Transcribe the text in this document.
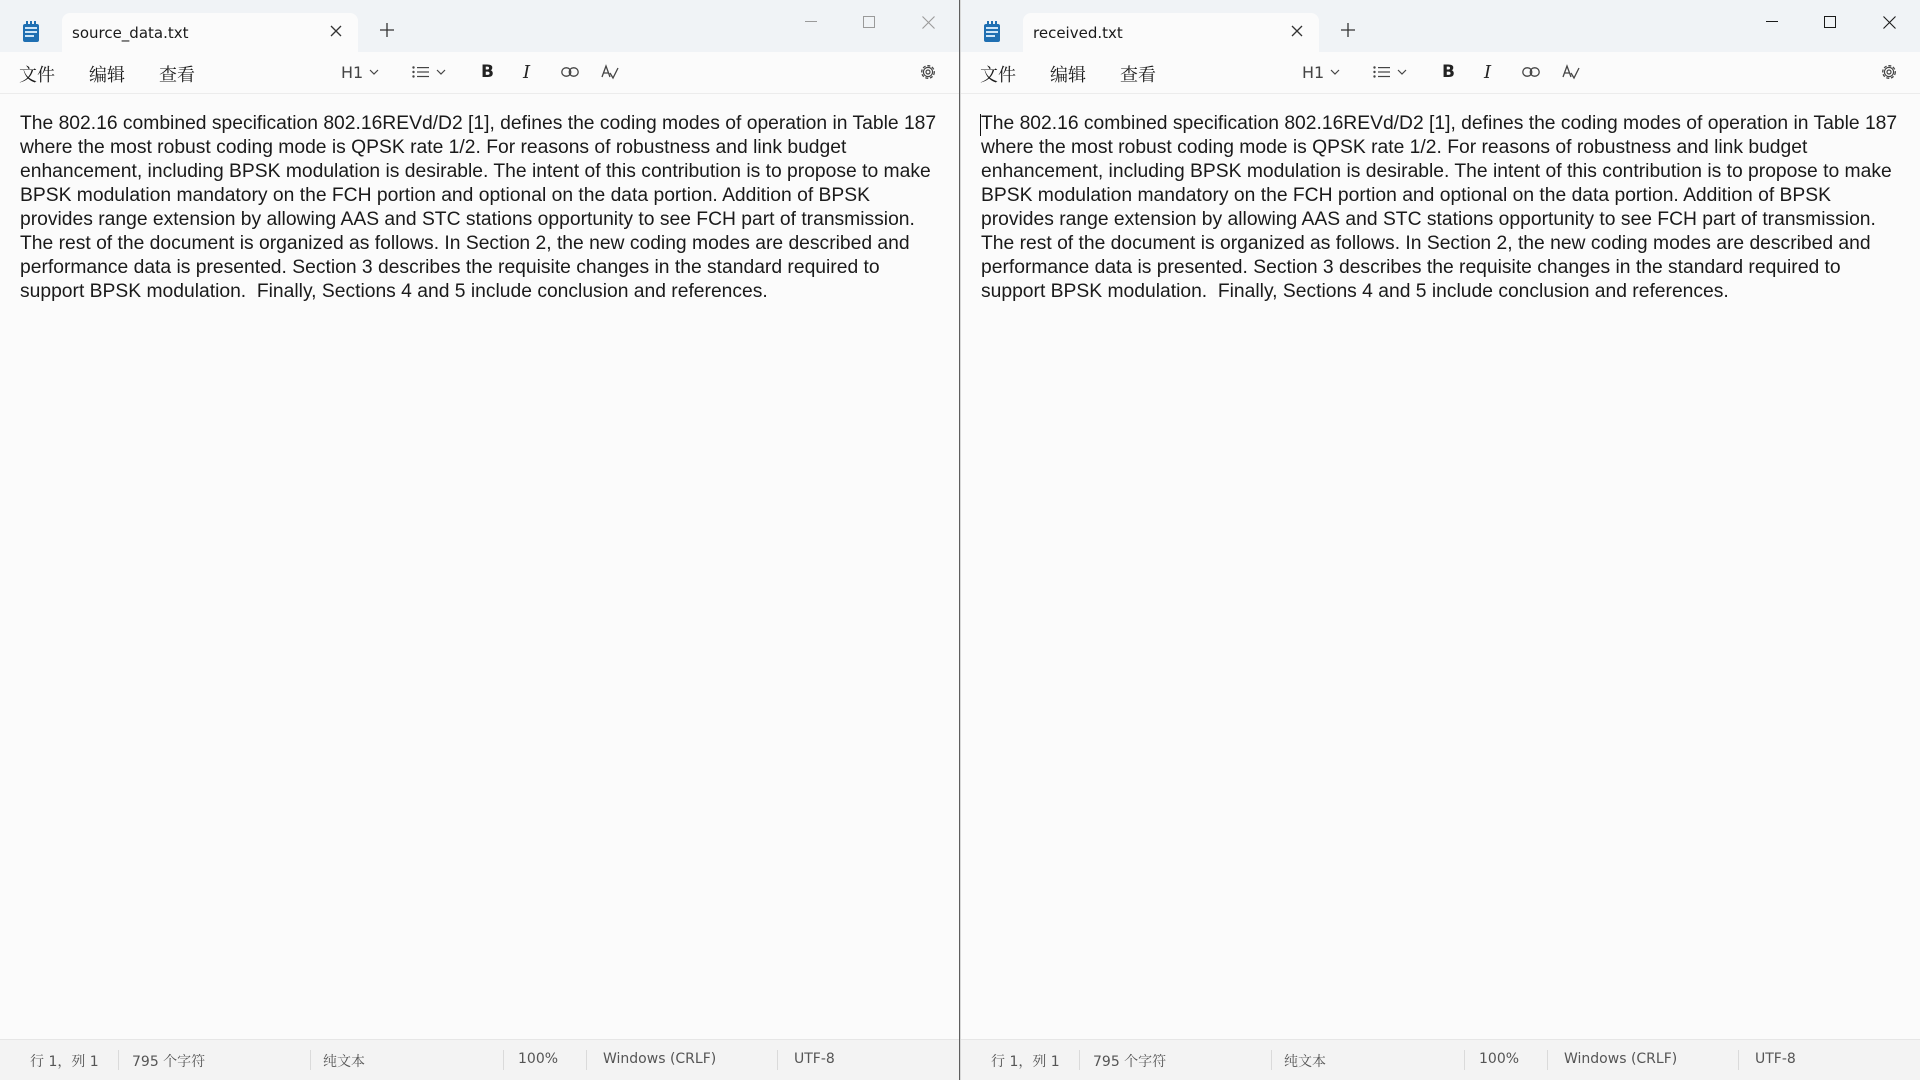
source_data.txt
文件 编辑 查看	H1	B I
The 802.16 combined specification 802.16REVd/D2 [1], defines the coding modes of operation in Table 187
where the most robust coding mode is QPSK rate 1/2. For reasons of robustness and link budget
enhancement, including BPSK modulation is desirable. The intent of this contribution is to propose to make
BPSK modulation mandatory on the FCH portion and optional on the data portion. Addition of BPSK
provides range extension by allowing AAS and STC stations opportunity to see FCH part of transmission.
The rest of the document is organized as follows. In Section 2, the new coding modes are described and
performance data is presented. Section 3 describes the requisite changes in the standard required to
support BPSK modulation.  Finally, Sections 4 and 5 include conclusion and references.
行 1，列 1 795 个字符	纯文本	100%	Windows (CRLF)	UTF-8
received.txt
文件 编辑 查看	H1	B I
The 802.16 combined specification 802.16REVd/D2 [1], defines the coding modes of operation in Table 187
where the most robust coding mode is QPSK rate 1/2. For reasons of robustness and link budget
enhancement, including BPSK modulation is desirable. The intent of this contribution is to propose to make
BPSK modulation mandatory on the FCH portion and optional on the data portion. Addition of BPSK
provides range extension by allowing AAS and STC stations opportunity to see FCH part of transmission.
The rest of the document is organized as follows. In Section 2, the new coding modes are described and
performance data is presented. Section 3 describes the requisite changes in the standard required to
support BPSK modulation.  Finally, Sections 4 and 5 include conclusion and references.
行 1，列 1 795 个字符	纯文本	100%	Windows (CRLF)	UTF-8
